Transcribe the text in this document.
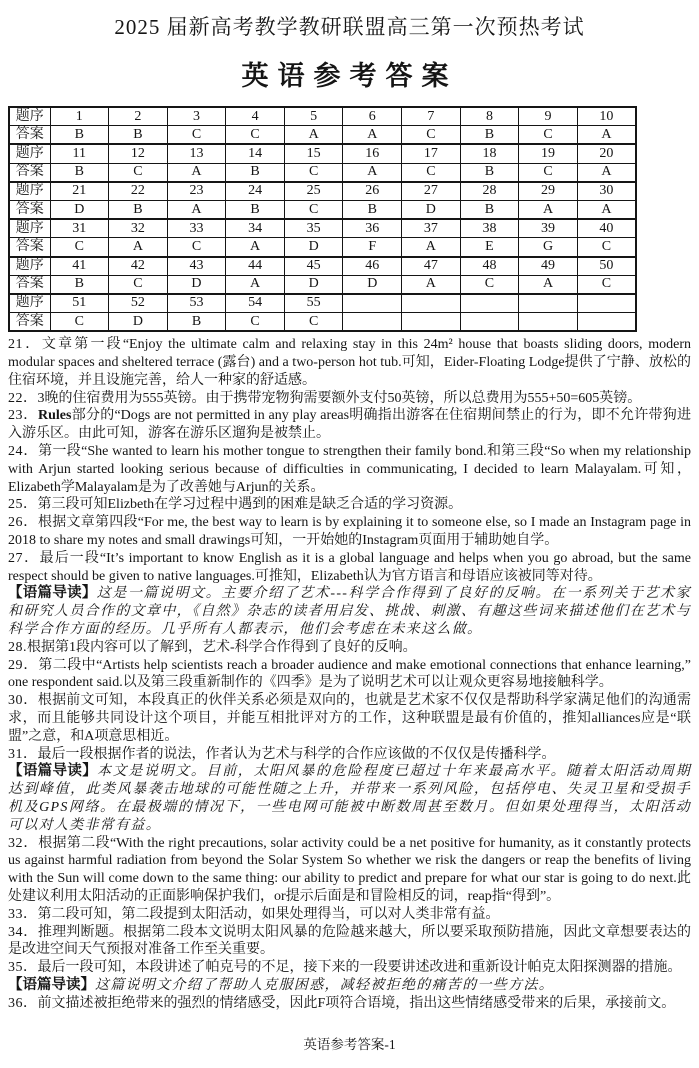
2025 届新高考教学教研联盟高三第一次预热考试
英语参考答案
题序	1	2	3	4	5	6	7	8	9	10
答案	B	B	C	C	A	A	C	B	C	A
题序	11	12	13	14	15	16	17	18	19	20
答案	B	C	A	B	C	A	C	B	C	A
题序	21	22	23	24	25	26	27	28	29	30
答案	D	B	A	B	C	B	D	B	A	A
题序	31	32	33	34	35	36	37	38	39	40
答案	C	A	C	A	D	F	A	E	G	C
题序	41	42	43	44	45	46	47	48	49	50
答案	B	C	D	A	D	D	A	C	A	C
题序	51	52	53	54	55					
答案	C	D	B	C	C					

21．文章第一段“Enjoy the ultimate calm and relaxing stay in this 24m² house that boasts sliding doors, modern modular spaces and sheltered terrace (露台) and a two-person hot tub.可知，Eider-Floating Lodge提供了宁静、放松的住宿环境，并且设施完善，给人一种家的舒适感。

22．3晚的住宿费用为555英镑。由于携带宠物狗需要额外支付50英镑，所以总费用为555+50=605英镑。

23．Rules部分的“Dogs are not permitted in any play areas明确指出游客在住宿期间禁止的行为，即不允许带狗进入游乐区。由此可知，游客在游乐区遛狗是被禁止。

24．第一段“She wanted to learn his mother tongue to strengthen their family bond.和第三段“So when my relationship with Arjun started looking serious because of difficulties in communicating, I decided to learn Malayalam.可知，Elizabeth学Malayalam是为了改善她与Arjun的关系。

25．第三段可知Elizbeth在学习过程中遇到的困难是缺乏合适的学习资源。

26．根据文章第四段“For me, the best way to learn is by explaining it to someone else, so I made an Instagram page in 2018 to share my notes and small drawings可知，一开始她的Instagram页面用于辅助她自学。

27．最后一段“It’s important to know English as it is a global language and helps when you go abroad, but the same respect should be given to native languages.可推知，Elizabeth认为官方语言和母语应该被同等对待。

【语篇导读】这是一篇说明文。主要介绍了艺术---科学合作得到了良好的反响。在一系列关于艺术家和研究人员合作的文章中，《自然》杂志的读者用启发、挑战、刺激、有趣这些词来描述他们在艺术与科学合作方面的经历。几乎所有人都表示，他们会考虑在未来这么做。

28.根据第1段内容可以了解到，艺术-科学合作得到了良好的反响。

29．第二段中“Artists help scientists reach a broader audience and make emotional connections that enhance learning,” one respondent said.以及第三段重新制作的《四季》是为了说明艺术可以让观众更容易地接触科学。

30．根据前文可知，本段真正的伙伴关系必须是双向的，也就是艺术家不仅仅是帮助科学家满足他们的沟通需求，而且能够共同设计这个项目，并能互相批评对方的工作，这种联盟是最有价值的，推知alliances应是“联盟”之意，和A项意思相近。

31．最后一段根据作者的说法，作者认为艺术与科学的合作应该做的不仅仅是传播科学。

【语篇导读】本文是说明文。目前，太阳风暴的危险程度已超过十年来最高水平。随着太阳活动周期达到峰值，此类风暴袭击地球的可能性随之上升，并带来一系列风险，包括停电、失灵卫星和受损手机及GPS网络。在最极端的情况下，一些电网可能被中断数周甚至数月。但如果处理得当，太阳活动可以对人类非常有益。

32．根据第二段“With the right precautions, solar activity could be a net positive for humanity, as it constantly protects us against harmful radiation from beyond the Solar System So whether we risk the dangers or reap the benefits of living with the Sun will come down to the same thing: our ability to predict and prepare for what our star is going to do next.此处建议利用太阳活动的正面影响保护我们，or提示后面是和冒险相反的词，reap指“得到”。

33．第二段可知，第二段提到太阳活动，如果处理得当，可以对人类非常有益。

34．推理判断题。根据第二段本文说明太阳风暴的危险越来越大，所以要采取预防措施，因此文章想要表达的是改进空间天气预报对准备工作至关重要。

35．最后一段可知，本段讲述了帕克号的不足，接下来的一段要讲述改进和重新设计帕克太阳探测器的措施。

【语篇导读】这篇说明文介绍了帮助人克服困惑，减轻被拒绝的痛苦的一些方法。

36．前文描述被拒绝带来的强烈的情绪感受，因此F项符合语境，指出这些情绪感受带来的后果，承接前文。

英语参考答案-1
